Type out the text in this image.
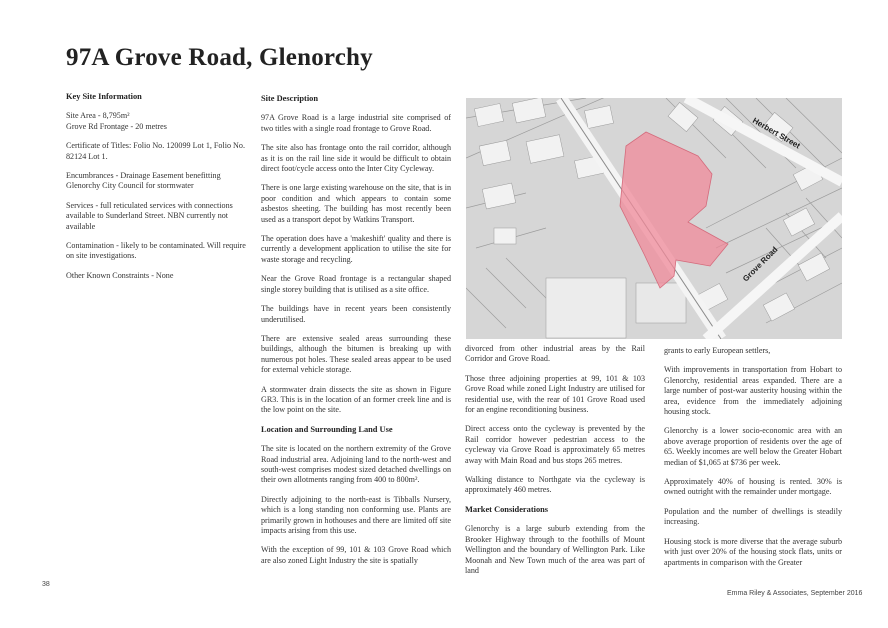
97A Grove Road, Glenorchy
Key Site Information

Site Area - 8,795m²

Grove Rd Frontage - 20 metres

Certificate of Titles: Folio No. 120099 Lot 1, Folio No. 82124 Lot 1.

Encumbrances - Drainage Easement benefitting Glenorchy City Council for stormwater

Services - full reticulated services with connections available to Sunderland Street. NBN currently not available

Contamination - likely to be contaminated. Will require on site investigations.

Other Known Constraints - None

Site Description

97A Grove Road is a large industrial site comprised of two titles with a single road frontage to Grove Road.

The site also has frontage onto the rail corridor, although as it is on the rail line side it would be difficult to obtain direct foot/cycle access onto the Inter City Cycleway.

There is one large existing warehouse on the site, that is in poor condition and which appears to contain some asbestos sheeting. The building has most recently been used as a transport depot by Watkins Transport.

The operation does have a 'makeshift' quality and there is currently a development application to utilise the site for waste storage and recycling.

Near the Grove Road frontage is a rectangular shaped single storey building that is utilised as a site office.

The buildings have in recent years been consistently underutilised.

There are extensive sealed areas surrounding these buildings, although the bitumen is breaking up with numerous pot holes. These sealed areas appear to be used for external vehicle storage.

A stormwater drain dissects the site as shown in Figure GR3. This is in the location of an former creek line and is the low point on the site.

Location and Surrounding Land Use

The site is located on the northern extremity of the Grove Road industrial area. Adjoining land to the north-west and south-west comprises modest sized detached dwellings on their own allotments ranging from 400 to 800m².

Directly adjoining to the north-east is Tibballs Nursery, which is a long standing non conforming use. Plants are primarily grown in hothouses and there are limited off site impacts arising from this use.

With the exception of 99, 101 & 103 Grove Road which are also zoned Light Industry the site is spatially

Herbert Street
Grove Road

divorced from other industrial areas by the Rail Corridor and Grove Road.

Those three adjoining properties at 99, 101 & 103 Grove Road while zoned Light Industry are utilised for residential use, with the rear of 101 Grove Road used for an engine reconditioning business.

Direct access onto the cycleway is prevented by the Rail corridor however pedestrian access to the cycleway via Grove Road is approximately 65 metres away with Main Road and bus stops 265 metres.

Walking distance to Northgate via the cycleway is approximately 460 metres.

Market Considerations

Glenorchy is a large suburb extending from the Brooker Highway through to the foothills of Mount Wellington and the boundary of Wellington Park. Like Moonah and New Town much of the area was part of land

grants to early European settlers,

With improvements in transportation from Hobart to Glenorchy, residential areas expanded. There are a large number of post-war austerity housing within the area, evidence from the immediately adjoining housing stock.

Glenorchy is a lower socio-economic area with an above average proportion of residents over the age of 65. Weekly incomes are well below the Greater Hobart median of $1,065 at $736 per week.

Approximately 40% of housing is rented. 30% is owned outright with the remainder under mortgage.

Population and the number of dwellings is steadily increasing.

Housing stock is more diverse that the average suburb with just over 20% of the housing stock flats, units or apartments in comparison with the Greater

38
Emma Riley & Associates, September 2016
